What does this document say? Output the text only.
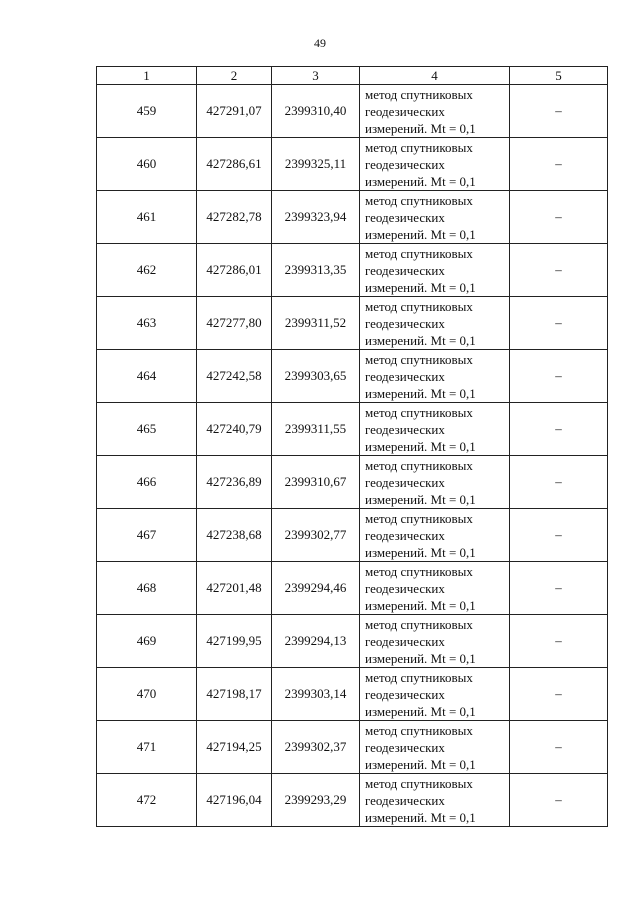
49
1	2	3	4	5
459	427291,07	2399310,40	метод спутниковых
геодезических
измерений. Mt = 0,1	–
460	427286,61	2399325,11	метод спутниковых
геодезических
измерений. Mt = 0,1	–
461	427282,78	2399323,94	метод спутниковых
геодезических
измерений. Mt = 0,1	–
462	427286,01	2399313,35	метод спутниковых
геодезических
измерений. Mt = 0,1	–
463	427277,80	2399311,52	метод спутниковых
геодезических
измерений. Mt = 0,1	–
464	427242,58	2399303,65	метод спутниковых
геодезических
измерений. Mt = 0,1	–
465	427240,79	2399311,55	метод спутниковых
геодезических
измерений. Mt = 0,1	–
466	427236,89	2399310,67	метод спутниковых
геодезических
измерений. Mt = 0,1	–
467	427238,68	2399302,77	метод спутниковых
геодезических
измерений. Mt = 0,1	–
468	427201,48	2399294,46	метод спутниковых
геодезических
измерений. Mt = 0,1	–
469	427199,95	2399294,13	метод спутниковых
геодезических
измерений. Mt = 0,1	–
470	427198,17	2399303,14	метод спутниковых
геодезических
измерений. Mt = 0,1	–
471	427194,25	2399302,37	метод спутниковых
геодезических
измерений. Mt = 0,1	–
472	427196,04	2399293,29	метод спутниковых
геодезических
измерений. Mt = 0,1	–
